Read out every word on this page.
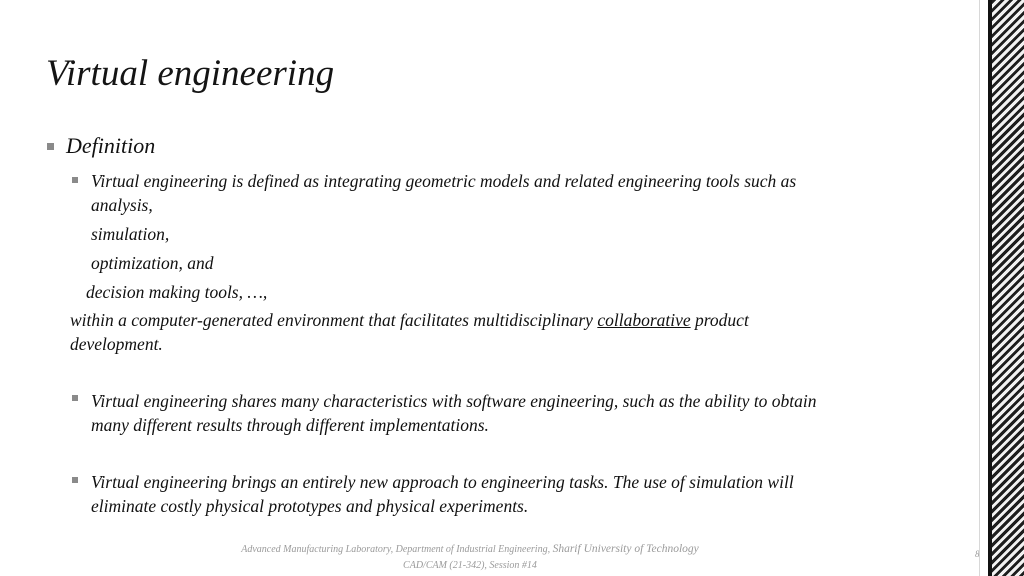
Virtual engineering
Definition
Virtual engineering is defined as integrating geometric models and related engineering tools such as
analysis,
simulation,
optimization, and
decision making tools, …,
within a computer-generated environment that facilitates multidisciplinary collaborative product
development.
Virtual engineering shares many characteristics with software engineering, such as the ability to obtain
many different results through different implementations.
Virtual engineering brings an entirely new approach to engineering tasks. The use of simulation will
eliminate costly physical prototypes and physical experiments.
Advanced Manufacturing Laboratory, Department of Industrial Engineering, Sharif University of Technology
CAD/CAM (21-342), Session #14
8
